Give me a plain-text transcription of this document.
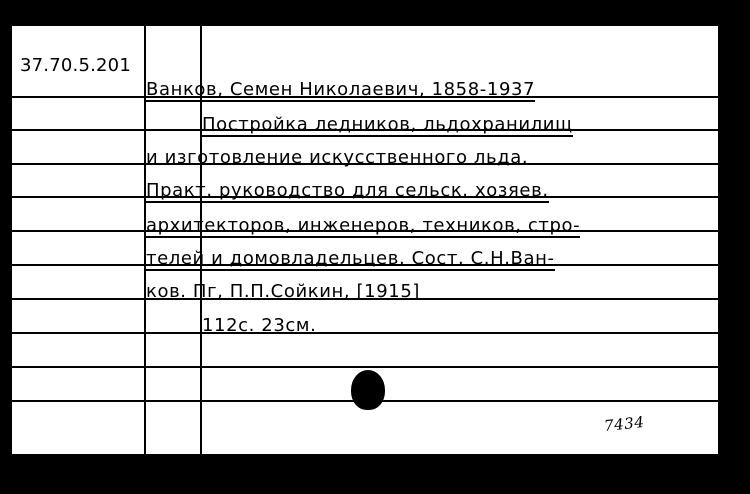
37.70.5.201
Ванков, Семен Николаевич, 1858-1937
Постройка ледников, льдохранилищ
и изготовление искусственного льда.
Практ. руководство для сельск. хозяев,
архитекторов, инженеров, техников, стро-
телей и домовладельцев. Сост. С.Н.Ван-
ков. Пг, П.П.Сойкин, [1915]
112с. 23см.
7434
